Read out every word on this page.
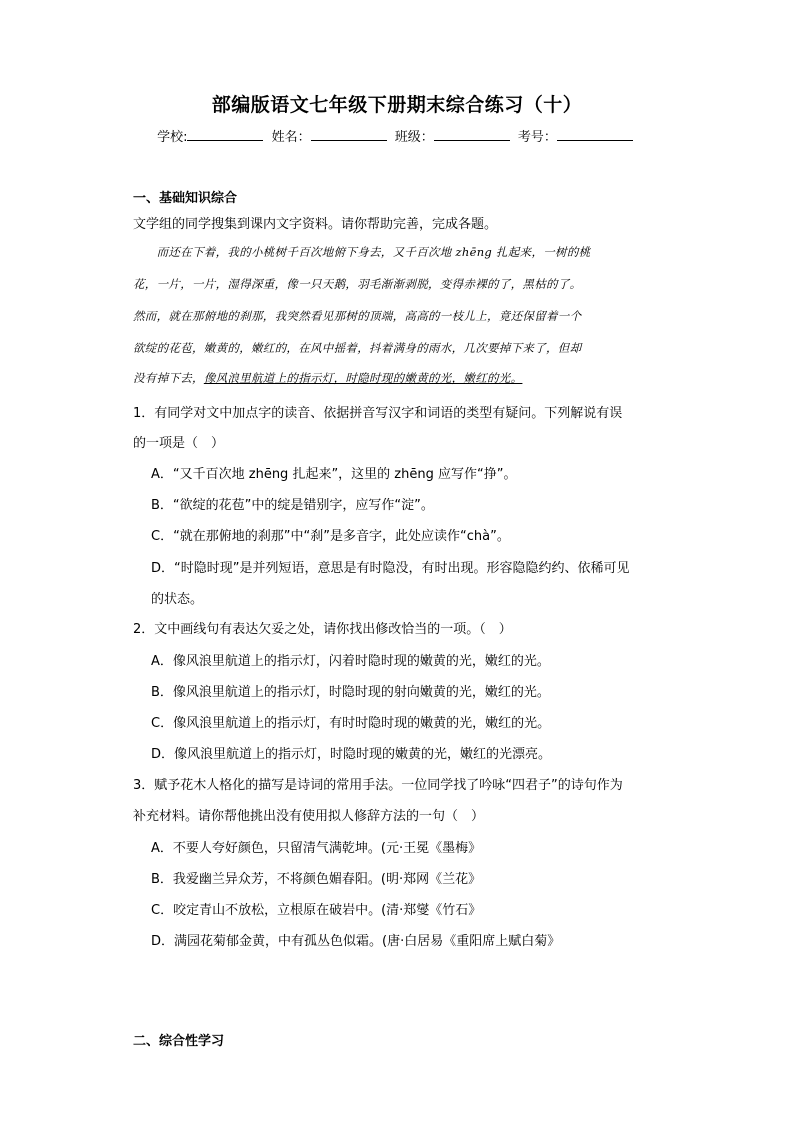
部编版语文七年级下册期末综合练习（十）
学校:	姓名：	班级：	考号：
一、基础知识综合
文学组的同学搜集到课内文字资料。请你帮助完善，完成各题。
　　而还在下着，我的小桃树千百次地俯下身去，又千百次地 zhēng 扎起来，一树的桃
花，一片，一片，湿得深重，像一只天鹅，羽毛渐渐剥脱，变得赤裸的了，黑枯的了。
然而，就在那俯地的刹那，我突然看见那树的顶端，高高的一枝儿上，竟还保留着一个
欲绽的花苞，嫩黄的，嫩红的，在风中摇着，抖着满身的雨水，几次要掉下来了，但却
没有掉下去，像风浪里航道上的指示灯，时隐时现的嫩黄的光，嫩红的光。
1．有同学对文中加点字的读音、依据拼音写汉字和词语的类型有疑问。下列解说有误
的一项是（　）
A．“又千百次地 zhēng 扎起来”，这里的 zhēng 应写作“挣”。
B．“欲绽的花苞”中的绽是错别字，应写作“淀”。
C．“就在那俯地的刹那”中“刹”是多音字，此处应读作“chà”。
D．“时隐时现”是并列短语，意思是有时隐没，有时出现。形容隐隐约约、依稀可见
的状态。
2．文中画线句有表达欠妥之处，请你找出修改恰当的一项。（　）
A．像风浪里航道上的指示灯，闪着时隐时现的嫩黄的光，嫩红的光。
B．像风浪里航道上的指示灯，时隐时现的射向嫩黄的光，嫩红的光。
C．像风浪里航道上的指示灯，有时时隐时现的嫩黄的光，嫩红的光。
D．像风浪里航道上的指示灯，时隐时现的嫩黄的光，嫩红的光漂亮。
3．赋予花木人格化的描写是诗词的常用手法。一位同学找了吟咏“四君子”的诗句作为
补充材料。请你帮他挑出没有使用拟人修辞方法的一句（　）
A．不要人夸好颜色，只留清气满乾坤。(元·王冕《墨梅》
B．我爱幽兰异众芳，不将颜色媚春阳。(明·郑网《兰花》
C．咬定青山不放松，立根原在破岩中。(清·郑燮《竹石》
D．满园花菊郁金黄，中有孤丛色似霜。(唐·白居易《重阳席上赋白菊》
二、综合性学习
